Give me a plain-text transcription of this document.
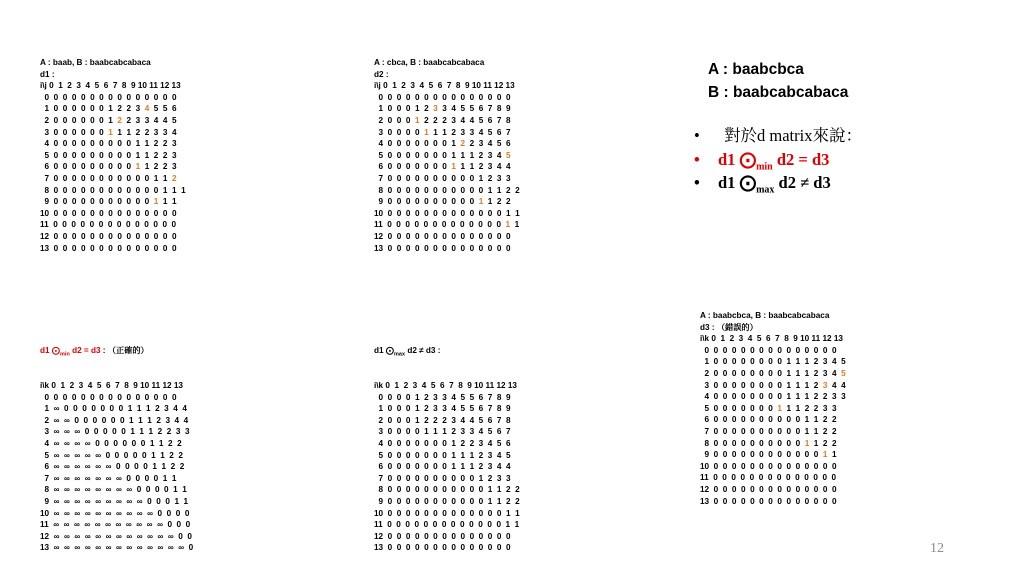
A : baab, B : baabcabcabaca
d1 :
i\j 0  1  2  3  4  5  6  7  8  9 10 11 12 13
0  0  0  0  0  0  0  0  0  0  0  0  0  0  0
1  0  0  0  0  0  0  1  2  2  3  4  5  5  6
2  0  0  0  0  0  0  1  2  2  3  3  4  4  5
3  0  0  0  0  0  0  1  1  1  2  2  3  3  4
4  0  0  0  0  0  0  0  0  0  1  1  2  2  3
5  0  0  0  0  0  0  0  0  0  1  1  2  2  3
6  0  0  0  0  0  0  0  0  0  1  1  2  2  3
7  0  0  0  0  0  0  0  0  0  0  0  1  1  2
8  0  0  0  0  0  0  0  0  0  0  0  0  1  1  1
9  0  0  0  0  0  0  0  0  0  0  0  1  1  1
10  0  0  0  0  0  0  0  0  0  0  0  0  0  0
11  0  0  0  0  0  0  0  0  0  0  0  0  0  0
12  0  0  0  0  0  0  0  0  0  0  0  0  0  0
13  0  0  0  0  0  0  0  0  0  0  0  0  0  0
A : cbca, B : baabcabcabaca
d2 :
i\j 0  1  2  3  4  5  6  7  8  9 10 11 12 13
0  0  0  0  0  0  0  0  0  0  0  0  0  0  0
1  0  0  0  1  2  3  3  4  5  5  6  7  8  9
2  0  0  0  1  2  2  2  3  4  4  5  6  7  8
3  0  0  0  0  1  1  1  2  3  3  4  5  6  7
4  0  0  0  0  0  0  0  1  2  2  3  4  5  6
5  0  0  0  0  0  0  0  1  1  1  2  3  4  5
6  0  0  0  0  0  0  0  1  1  1  2  3  4  4
7  0  0  0  0  0  0  0  0  0  0  1  2  3  3
8  0  0  0  0  0  0  0  0  0  0  0  1  1  2  2
9  0  0  0  0  0  0  0  0  0  0  1  1  2  2
10  0  0  0  0  0  0  0  0  0  0  0  0  0  1  1
11  0  0  0  0  0  0  0  0  0  0  0  0  0  1  1
12  0  0  0  0  0  0  0  0  0  0  0  0  0  0
13  0  0  0  0  0  0  0  0  0  0  0  0  0  0
A : baabcbca
B : baabcabcabaca
•	對於d matrix來說：
•	d1 $⨀_{min}$ d2 = d3
•	d1 $⨀_{max}$ d2 ≠ d3

d1 $⨀_{min}$ d2 = d3 : （正確的）

i\k 0  1  2  3  4  5  6  7  8  9 10 11 12 13
0  0  0  0  0  0  0  0  0  0  0  0  0  0  0
1  ∞  0  0  0  0  0  0  0  1  1  1  2  3  4  4
2  ∞  ∞  0  0  0  0  0  0  1  1  1  2  3  4  4
3  ∞  ∞  ∞  0  0  0  0  0  1  1  1  2  2  3  3
4  ∞  ∞  ∞  ∞  0  0  0  0  0  0  1  1  2  2
5  ∞  ∞  ∞  ∞  ∞  0  0  0  0  0  1  1  2  2
6  ∞  ∞  ∞  ∞  ∞  ∞  0  0  0  0  1  1  2  2
7  ∞  ∞  ∞  ∞  ∞  ∞  ∞  0  0  0  0  1  1
8  ∞  ∞  ∞  ∞  ∞  ∞  ∞  ∞  0  0  0  0  1  1
9  ∞  ∞  ∞  ∞  ∞  ∞  ∞  ∞  ∞  0  0  0  1  1
10  ∞  ∞  ∞  ∞  ∞  ∞  ∞  ∞  ∞  ∞  0  0  0  0
11  ∞  ∞  ∞  ∞  ∞  ∞  ∞  ∞  ∞  ∞  ∞  0  0  0
12  ∞  ∞  ∞  ∞  ∞  ∞  ∞  ∞  ∞  ∞  ∞  ∞  0  0
13  ∞  ∞  ∞  ∞  ∞  ∞  ∞  ∞  ∞  ∞  ∞  ∞  ∞  0

d1 $⨀_{max}$ d2 ≠ d3 :

i\k 0  1  2  3  4  5  6  7  8  9 10 11 12 13
0  0  0  0  1  2  3  3  4  5  5  6  7  8  9
1  0  0  0  1  2  3  3  4  5  5  6  7  8  9
2  0  0  0  1  2  2  2  3  4  4  5  6  7  8
3  0  0  0  0  1  1  1  2  3  3  4  5  6  7
4  0  0  0  0  0  0  0  1  2  2  3  4  5  6
5  0  0  0  0  0  0  0  1  1  1  2  3  4  5
6  0  0  0  0  0  0  0  1  1  1  2  3  4  4
7  0  0  0  0  0  0  0  0  0  0  1  2  3  3
8  0  0  0  0  0  0  0  0  0  0  0  1  1  2  2
9  0  0  0  0  0  0  0  0  0  0  0  1  1  2  2
10  0  0  0  0  0  0  0  0  0  0  0  0  0  1  1
11  0  0  0  0  0  0  0  0  0  0  0  0  0  1  1
12  0  0  0  0  0  0  0  0  0  0  0  0  0  0
13  0  0  0  0  0  0  0  0  0  0  0  0  0  0

A : baabcbca, B : baabcabcabaca
d3 : （錯誤的）
i\k 0  1  2  3  4  5  6  7  8  9 10 11 12 13
0  0  0  0  0  0  0  0  0  0  0  0  0  0  0
1  0  0  0  0  0  0  0  0  1  1  1  2  3  4  5
2  0  0  0  0  0  0  0  0  1  1  1  2  3  4  5
3  0  0  0  0  0  0  0  0  1  1  1  2  3  4  4
4  0  0  0  0  0  0  0  0  1  1  1  2  2  3  3
5  0  0  0  0  0  0  0  1  1  1  2  2  3  3
6  0  0  0  0  0  0  0  0  0  0  1  1  2  2
7  0  0  0  0  0  0  0  0  0  0  1  1  2  2
8  0  0  0  0  0  0  0  0  0  0  1  1  2  2
9  0  0  0  0  0  0  0  0  0  0  0  0  1  1
10  0  0  0  0  0  0  0  0  0  0  0  0  0  0
11  0  0  0  0  0  0  0  0  0  0  0  0  0  0
12  0  0  0  0  0  0  0  0  0  0  0  0  0  0
13  0  0  0  0  0  0  0  0  0  0  0  0  0  0
12
